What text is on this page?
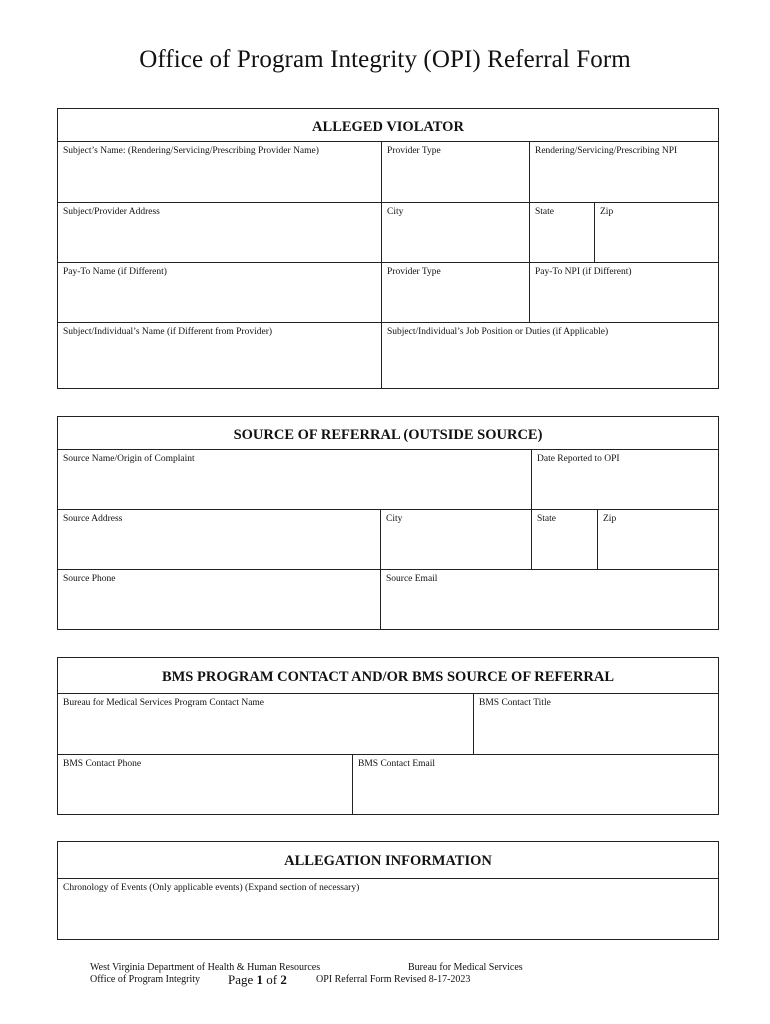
Office of Program Integrity (OPI) Referral Form
ALLEGED VIOLATOR
Subject’s Name: (Rendering/Servicing/Prescribing Provider Name)	Provider Type	Rendering/Servicing/Prescribing NPI
Subject/Provider Address	City	State	Zip
Pay-To Name (if Different)	Provider Type	Pay-To NPI (if Different)
Subject/Individual’s Name (if Different from Provider)	Subject/Individual’s Job Position or Duties (if Applicable)
SOURCE OF REFERRAL (OUTSIDE SOURCE)
Source Name/Origin of Complaint	Date Reported to OPI
Source Address	City	State	Zip
Source Phone	Source Email
BMS PROGRAM CONTACT AND/OR BMS SOURCE OF REFERRAL
Bureau for Medical Services Program Contact Name	BMS Contact Title
BMS Contact Phone	BMS Contact Email
ALLEGATION INFORMATION
Chronology of Events (Only applicable events) (Expand section of necessary)
West Virginia Department of Health & Human Resources
Office of Program Integrity	Page 1 of 2
Bureau for Medical Services
OPI Referral Form Revised 8-17-2023
